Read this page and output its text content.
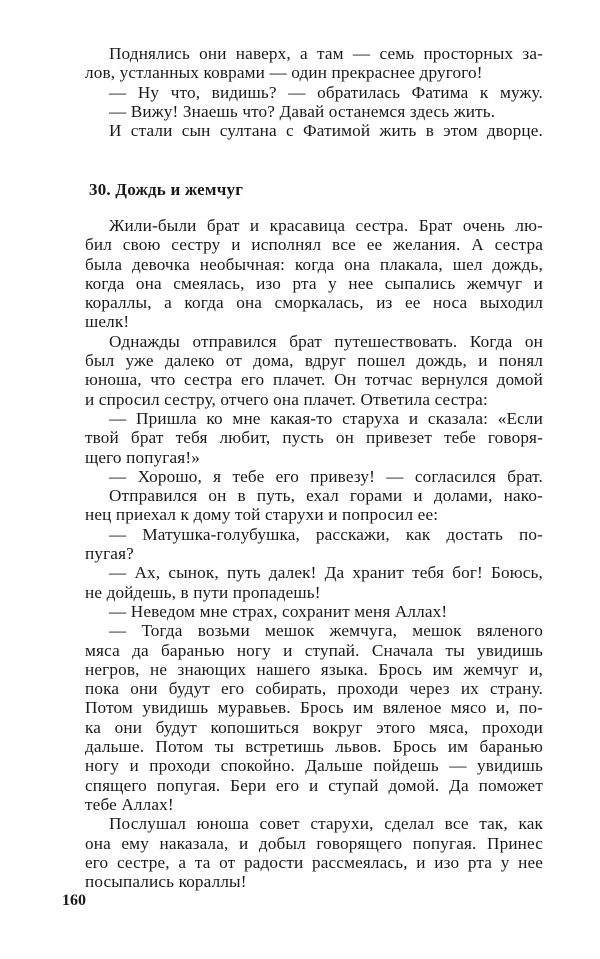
Поднялись они наверх, а там — семь просторных за-
лов, устланных коврами — один прекраснее другого!
— Ну что, видишь? — обратилась Фатима к мужу.
— Вижу! Знаешь что? Давай останемся здесь жить.
И стали сын султана с Фатимой жить в этом дворце.
30. Дождь и жемчуг
Жили-были брат и красавица сестра. Брат очень лю-
бил свою сестру и исполнял все ее желания. А сестра
была девочка необычная: когда она плакала, шел дождь,
когда она смеялась, изо рта у нее сыпались жемчуг и
кораллы, а когда она сморкалась, из ее носа выходил
шелк!
Однажды отправился брат путешествовать. Когда он
был уже далеко от дома, вдруг пошел дождь, и понял
юноша, что сестра его плачет. Он тотчас вернулся домой
и спросил сестру, отчего она плачет. Ответила сестра:
— Пришла ко мне какая-то старуха и сказала: «Если
твой брат тебя любит, пусть он привезет тебе говоря-
щего попугая!»
— Хорошо, я тебе его привезу! — согласился брат.
Отправился он в путь, ехал горами и долами, нако-
нец приехал к дому той старухи и попросил ее:
— Матушка-голубушка, расскажи, как достать по-
пугая?
— Ах, сынок, путь далек! Да хранит тебя бог! Боюсь,
не дойдешь, в пути пропадешь!
— Неведом мне страх, сохранит меня Аллах!
— Тогда возьми мешок жемчуга, мешок вяленого
мяса да баранью ногу и ступай. Сначала ты увидишь
негров, не знающих нашего языка. Брось им жемчуг и,
пока они будут его собирать, проходи через их страну.
Потом увидишь муравьев. Брось им вяленое мясо и, по-
ка они будут копошиться вокруг этого мяса, проходи
дальше. Потом ты встретишь львов. Брось им баранью
ногу и проходи спокойно. Дальше пойдешь — увидишь
спящего попугая. Бери его и ступай домой. Да поможет
тебе Аллах!
Послушал юноша совет старухи, сделал все так, как
она ему наказала, и добыл говорящего попугая. Принес
его сестре, а та от радости рассмеялась, и изо рта у нее
посыпались кораллы!
160
